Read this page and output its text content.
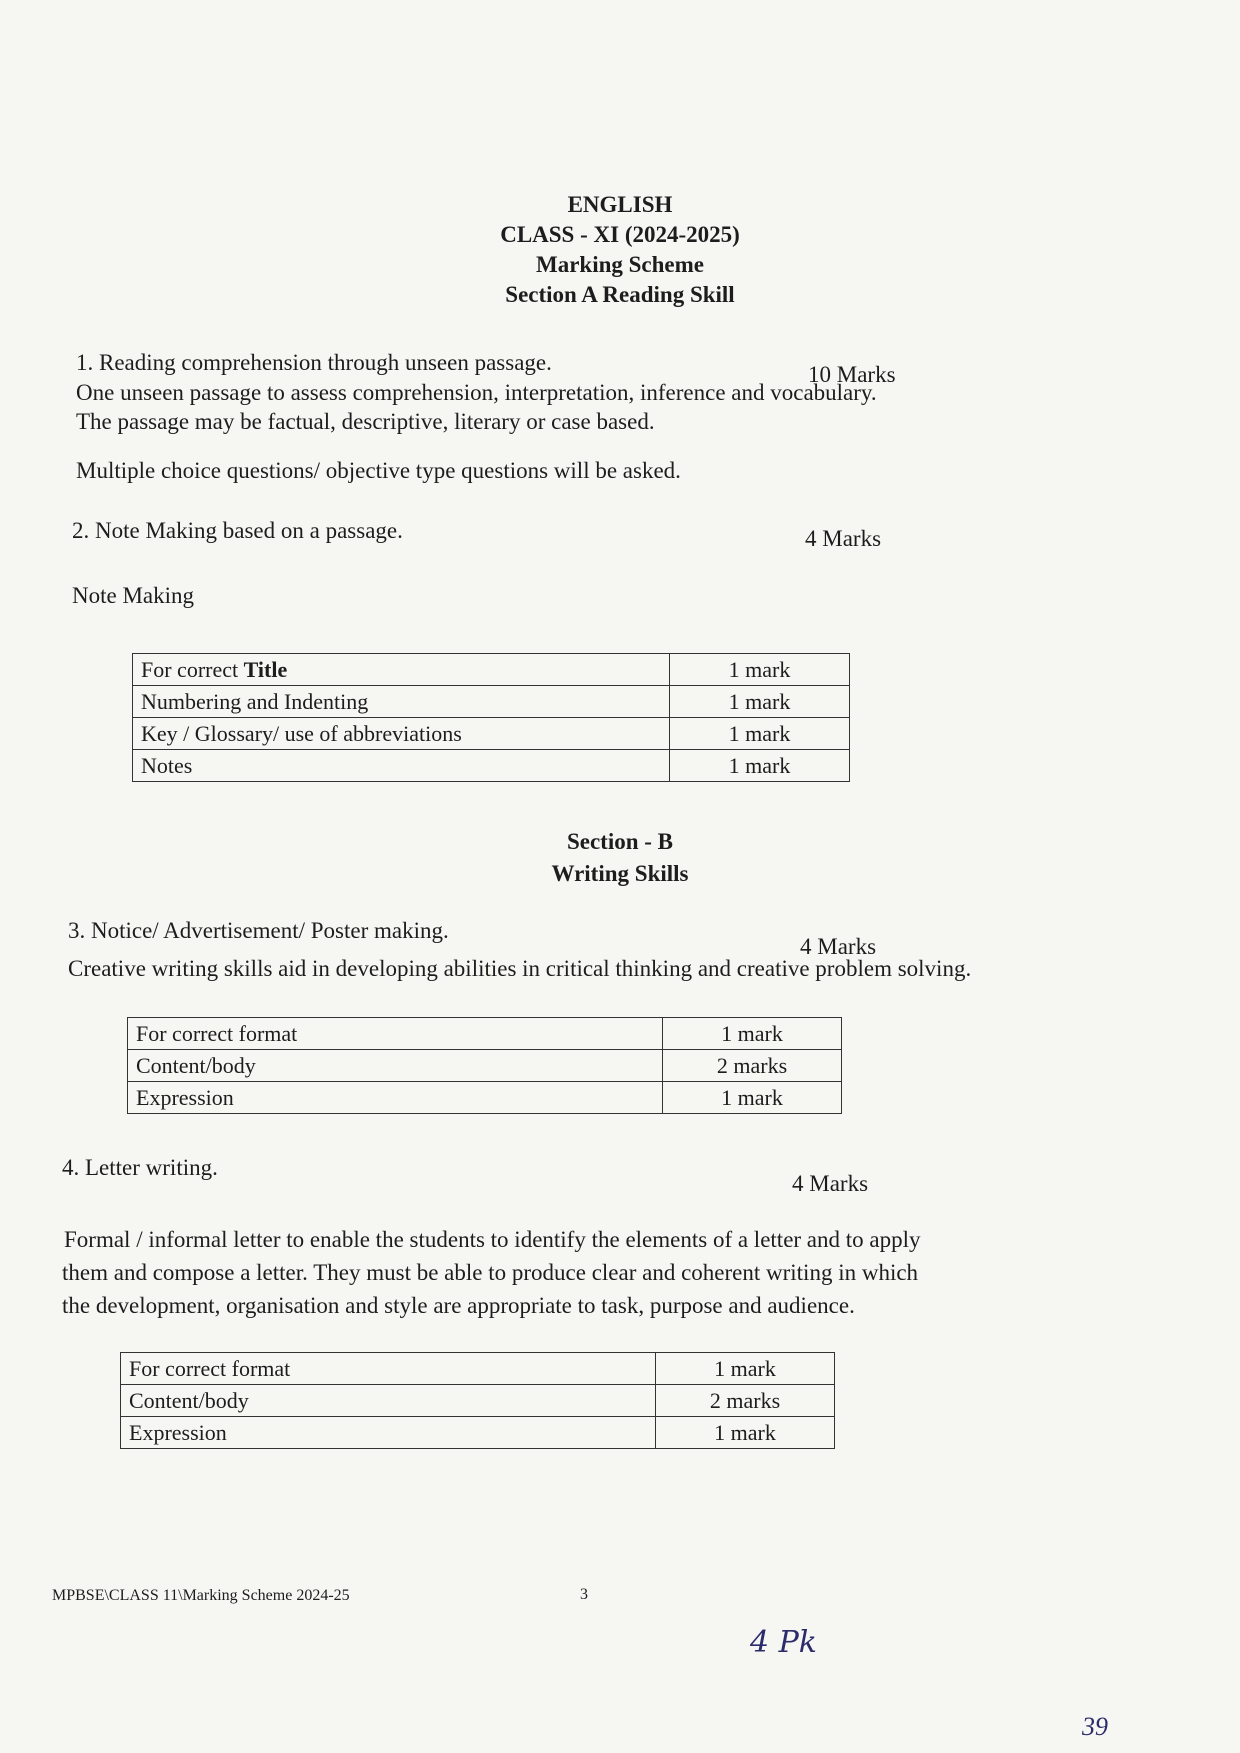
ENGLISH
CLASS - XI (2024-2025)
Marking Scheme
Section A Reading Skill
1. Reading comprehension through unseen passage.	10 Marks
One unseen passage to assess comprehension, interpretation, inference and vocabulary.
The passage may be factual, descriptive, literary or case based.
Multiple choice questions/ objective type questions will be asked.
2. Note Making based on a passage.	4 Marks
Note Making
For correct Title	1 mark
Numbering and Indenting	1 mark
Key / Glossary/ use of abbreviations	1 mark
Notes	1 mark
Section - B
Writing Skills
3. Notice/ Advertisement/ Poster making.
4 Marks
Creative writing skills aid in developing abilities in critical thinking and creative problem solving.
For correct format	1 mark
Content/body	2 marks
Expression	1 mark
4. Letter writing.
4 Marks
Formal / informal letter to enable the students to identify the elements of a letter and to apply
them and compose a letter. They must be able to produce clear and coherent writing in which
the development, organisation and style are appropriate to task, purpose and audience.
For correct format	1 mark
Content/body	2 marks
Expression	1 mark
MPBSE\CLASS 11\Marking Scheme 2024-25	3
4 Pk
39
